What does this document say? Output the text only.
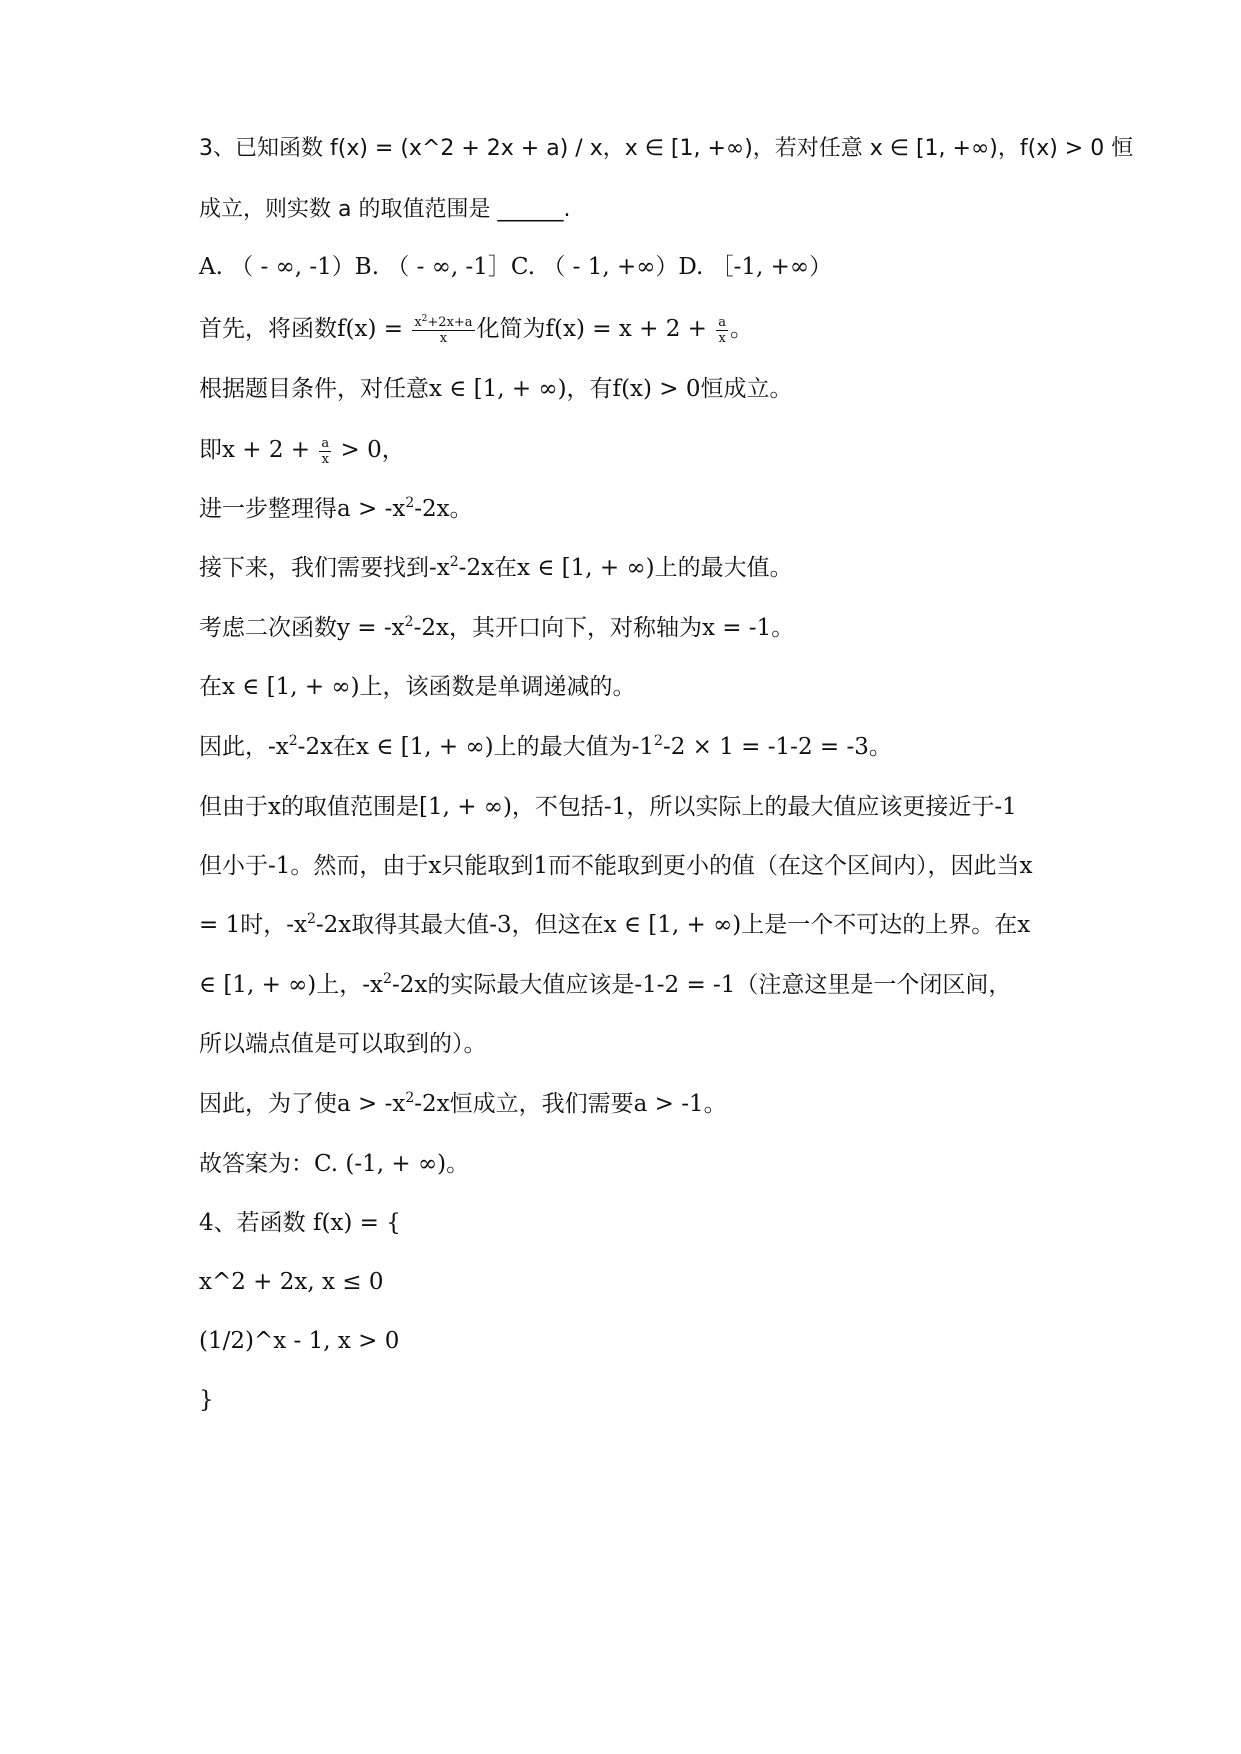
3、已知函数 f(x) = (x^2 + 2x + a) / x，x ∈ [1, +∞)，若对任意 x ∈ [1, +∞)，f(x) > 0 恒
成立，则实数 a 的取值范围是 ______.
A. （ - ∞, -1）B. （ - ∞, -1］C. （ - 1, +∞）D. ［-1, +∞）
首先，将函数$f(x) = \frac{x^2+2x+a}{x}$ 化简为$f(x) = x + 2 + \frac{a}{x}$ 。
根据题目条件，对任意x ∈ [1, + ∞)，有f(x) > 0恒成立。
即$x + 2 + \frac{a}{x} > 0$，
进一步整理得$a > -x^2-2x$。
接下来，我们需要找到$-x^2-2x$在x ∈ [1, + ∞)上的最大值。
考虑二次函数$y = -x^2-2x$，其开口向下，对称轴为x = -1。
在x ∈ [1, + ∞)上，该函数是单调递减的。
因此，$-x^2-2x$在x ∈ [1, + ∞)上的最大值为$-1^2-2 \times 1 = -1-2 = -3$。
但由于x的取值范围是[1, + ∞)，不包括-1，所以实际上的最大值应该更接近于-1
但小于-1。然而，由于x只能取到1而不能取到更小的值（在这个区间内），因此当x
= 1时，$-x^2-2x$取得其最大值-3，但这在x ∈ [1, + ∞)上是一个不可达的上界。在x
∈ [1, + ∞)上，$-x^2-2x$的实际最大值应该是-1-2 = -1（注意这里是一个闭区间，
所以端点值是可以取到的）。
因此，为了使$a > -x^2-2x$恒成立，我们需要a > -1。
故答案为：C. (-1, + ∞)。
4、若函数 f(x) = {
x^2 + 2x, x ≤ 0
(1/2)^x - 1, x > 0
}
